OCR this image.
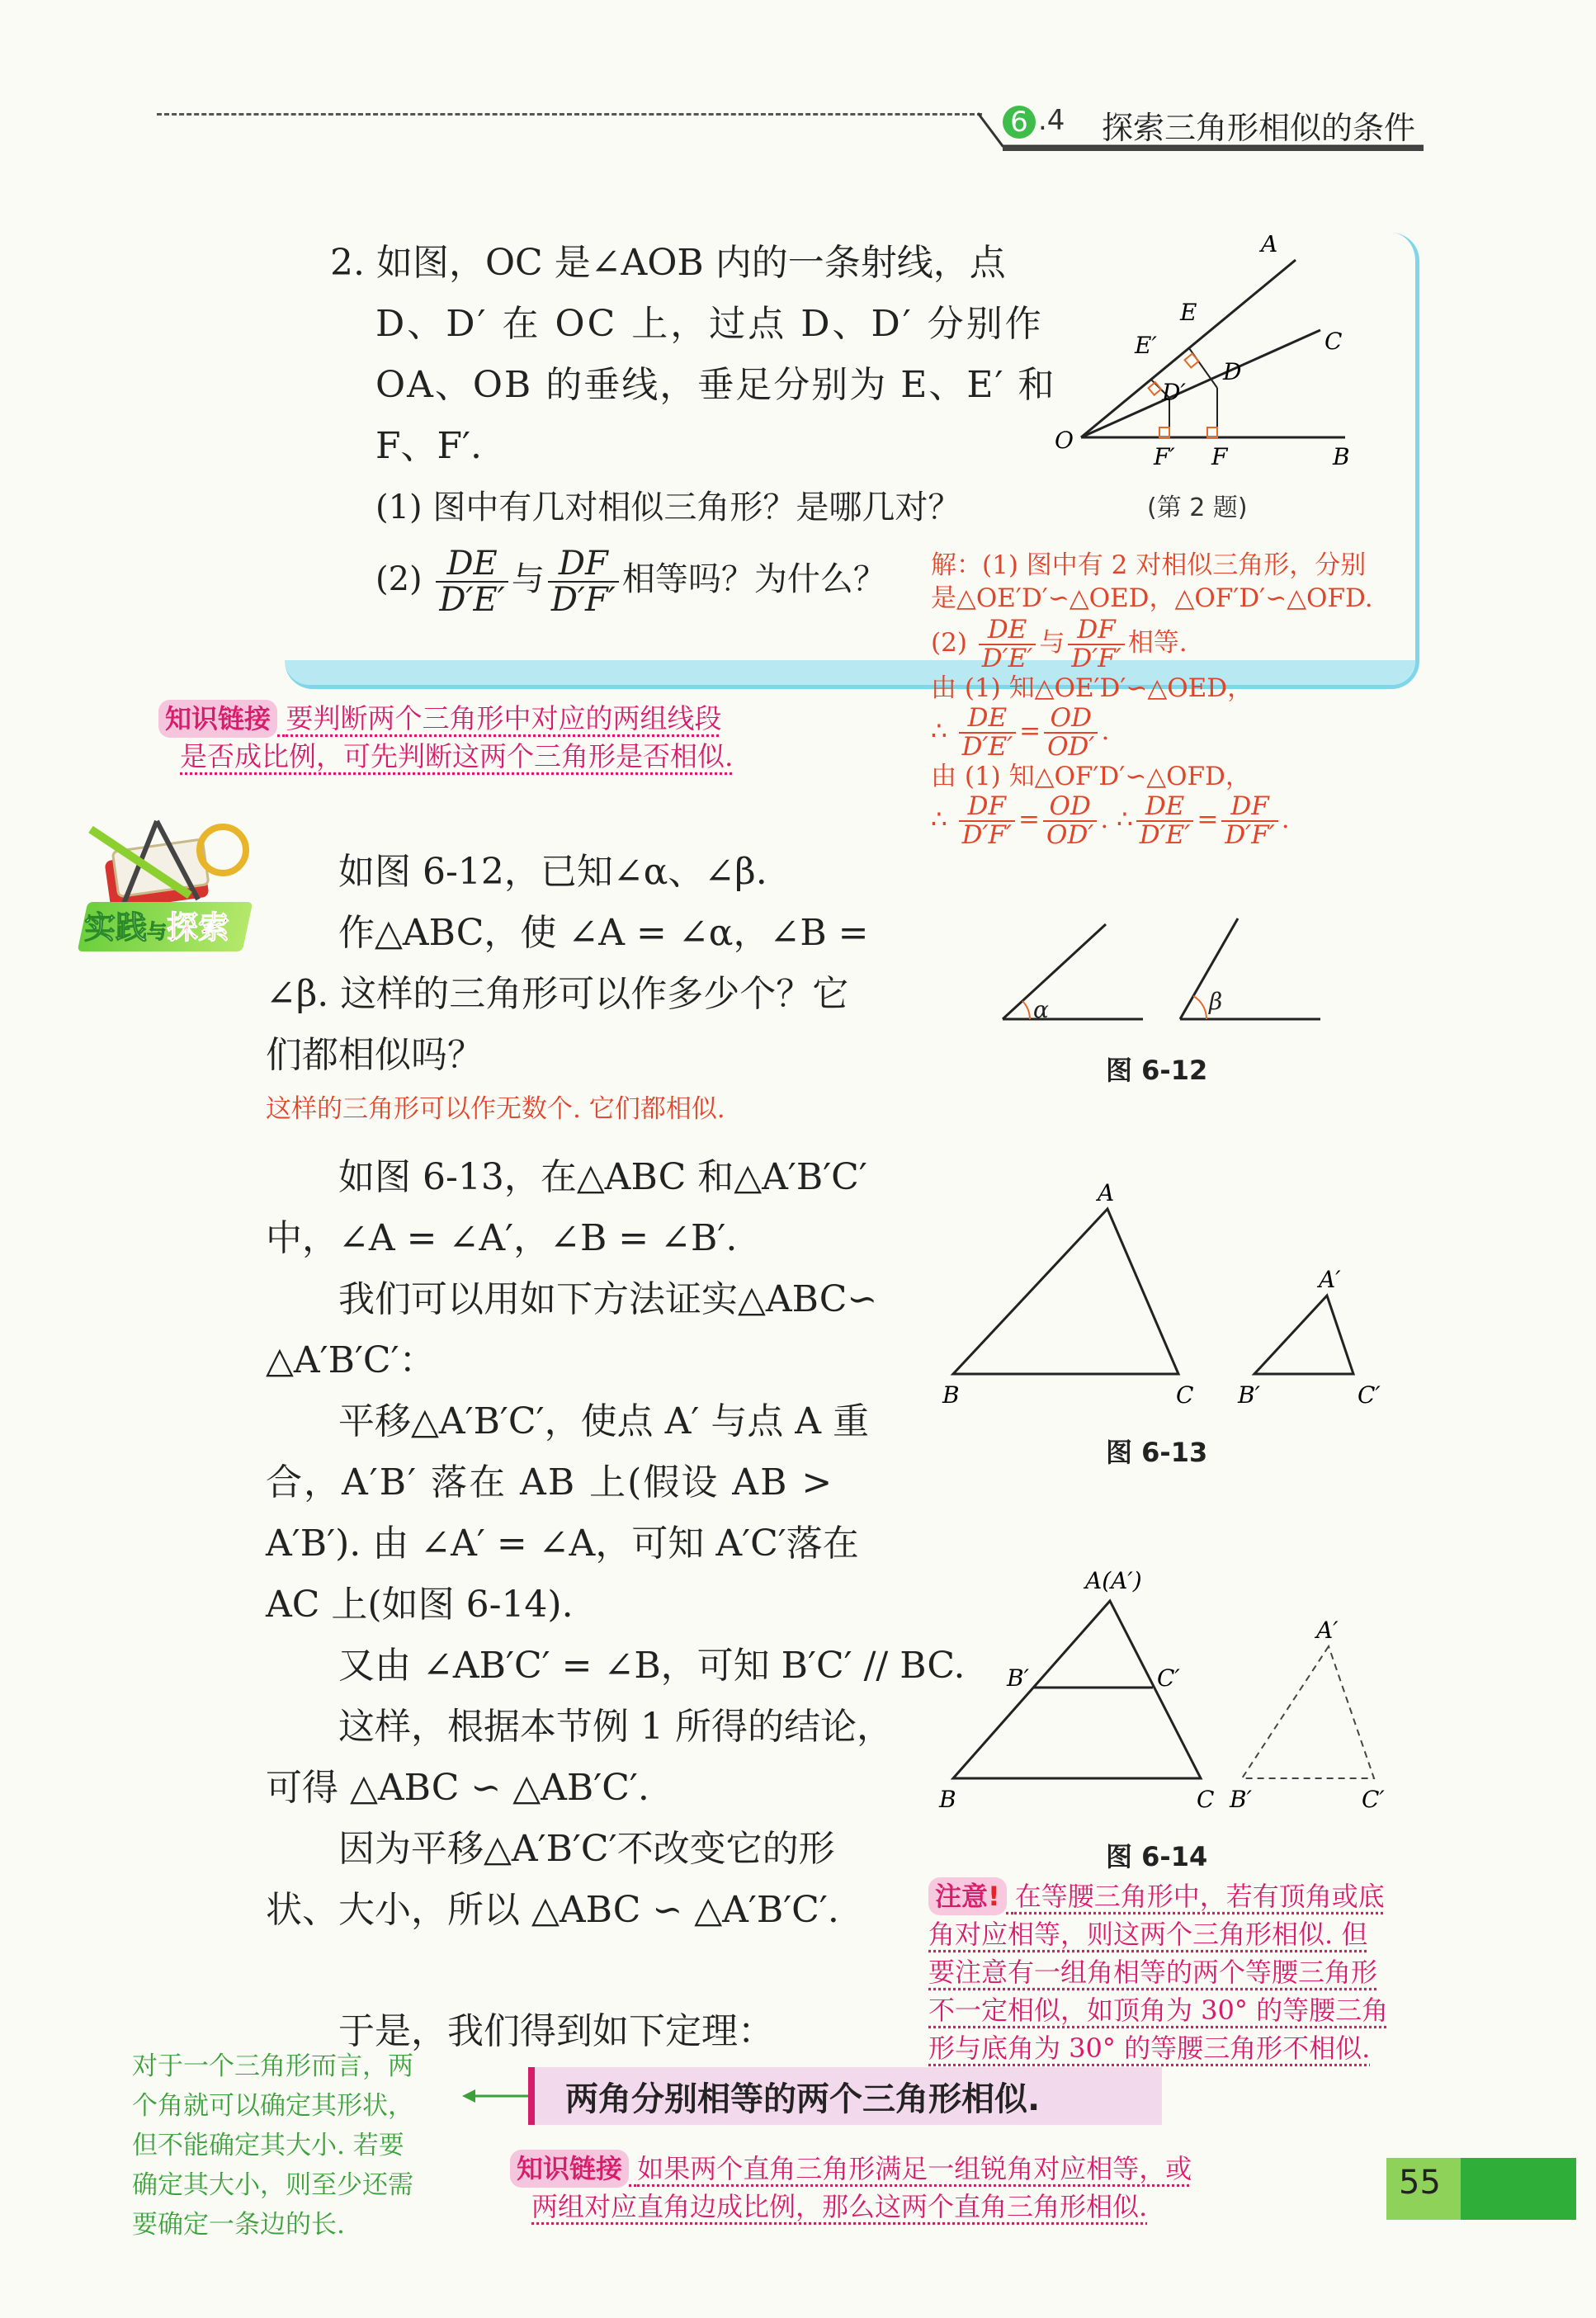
6 .4 探索三角形相似的条件
2. 如图，OC 是∠AOB 内的一条射线，点
D、D′ 在 OC 上，过点 D、D′ 分别作
OA、OB 的垂线，垂足分别为 E、E′ 和
F、F′.
(1) 图中有几对相似三角形？是哪几对？
$(2) \frac{DE}{D'E'}$ 与 $\frac{DF}{D'F'}$ 相等吗？为什么？
A
E
E′	C
D′
D
O
F′ F	B
(第 2 题)
解：(1) 图中有 2 对相似三角形，分别
是△OE′D′∽△OED，△OF′D′∽△OFD.
$(2) \frac{DE}{D'E'}$ 与 $\frac{DF}{D'F'}$ 相等.
由 (1) 知△OE′D′∽△OED，
∴ $\frac{DE}{D'E'} = \frac{OD}{OD'}$ .
由 (1) 知△OF′D′∽△OFD，
∴ $\frac{DF}{D'F'} = \frac{OD}{OD'}$ . ∴ $\frac{DE}{D'E'} = \frac{DF}{D'F'}$ .
知识链接 要判断两个三角形中对应的两组线段
是否成比例，可先判断这两个三角形是否相似.
实践与探索
如图 6-12，已知∠α、∠β.
作△ABC，使 ∠A = ∠α，∠B =
∠β. 这样的三角形可以作多少个？它
们都相似吗？
这样的三角形可以作无数个. 它们都相似.
α	β
图 6-12
如图 6-13，在△ABC 和△A′B′C′
中，∠A = ∠A′，∠B = ∠B′.
我们可以用如下方法证实△ABC∽
△A′B′C′：
平移△A′B′C′，使点 A′ 与点 A 重
合，A′B′ 落在 AB 上(假设 AB >
A′B′). 由 ∠A′ = ∠A，可知 A′C′落在
AC 上(如图 6-14).
又由 ∠AB′C′ = ∠B，可知 B′C′ // BC.
这样，根据本节例 1 所得的结论，
可得 △ABC ∽ △AB′C′.
因为平移△A′B′C′不改变它的形
状、大小，所以 △ABC ∽ △A′B′C′.
A
B	C
A′
B′	C′
图 6-13
A(A′)
B′	C′
B	C
A′
B′	C′
图 6-14
注意! 在等腰三角形中，若有顶角或底
角对应相等，则这两个三角形相似. 但
要注意有一组角相等的两个等腰三角形
不一定相似，如顶角为 30° 的等腰三角
形与底角为 30° 的等腰三角形不相似.
于是，我们得到如下定理：
两角分别相等的两个三角形相似.
对于一个三角形而言，两
个角就可以确定其形状，
但不能确定其大小. 若要
确定其大小，则至少还需
要确定一条边的长.
知识链接 如果两个直角三角形满足一组锐角对应相等，或
两组对应直角边成比例，那么这两个直角三角形相似.
55
